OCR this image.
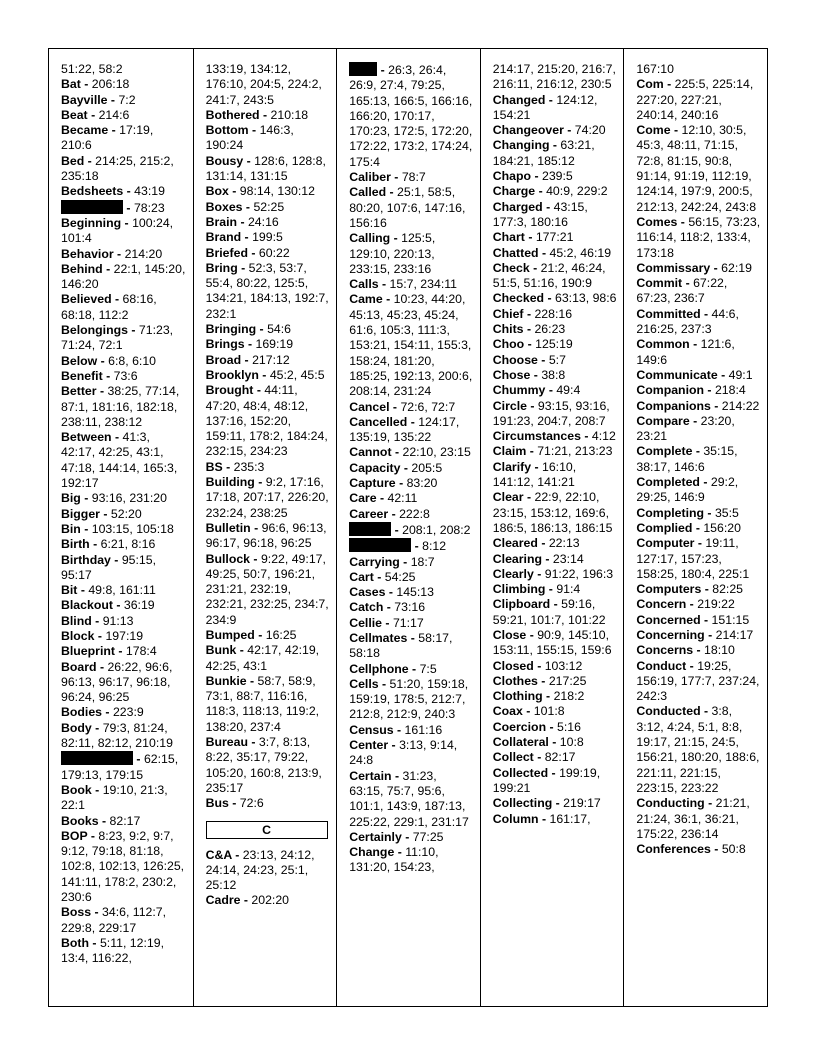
51:22, 58:2
Bat - 206:18
Bayville - 7:2
Beat - 214:6
Became - 17:19, 210:6
Bed - 214:25, 215:2, 235:18
Bedsheets - 43:19
- 78:23
Beginning - 100:24, 101:4
Behavior - 214:20
Behind - 22:1, 145:20, 146:20
Believed - 68:16, 68:18, 112:2
Belongings - 71:23, 71:24, 72:1
Below - 6:8, 6:10
Benefit - 73:6
Better - 38:25, 77:14, 87:1, 181:16, 182:18, 238:11, 238:12
Between - 41:3, 42:17, 42:25, 43:1, 47:18, 144:14, 165:3, 192:17
Big - 93:16, 231:20
Bigger - 52:20
Bin - 103:15, 105:18
Birth - 6:21, 8:16
Birthday - 95:15, 95:17
Bit - 49:8, 161:11
Blackout - 36:19
Blind - 91:13
Block - 197:19
Blueprint - 178:4
Board - 26:22, 96:6, 96:13, 96:17, 96:18, 96:24, 96:25
Bodies - 223:9
Body - 79:3, 81:24, 82:11, 82:12, 210:19
- 62:15, 179:13, 179:15
Book - 19:10, 21:3, 22:1
Books - 82:17
BOP - 8:23, 9:2, 9:7, 9:12, 79:18, 81:18, 102:8, 102:13, 126:25, 141:11, 178:2, 230:2, 230:6
Boss - 34:6, 112:7, 229:8, 229:17
Both - 5:11, 12:19, 13:4, 116:22,
133:19, 134:12, 176:10, 204:5, 224:2, 241:7, 243:5
Bothered - 210:18
Bottom - 146:3, 190:24
Bousy - 128:6, 128:8, 131:14, 131:15
Box - 98:14, 130:12
Boxes - 52:25
Brain - 24:16
Brand - 199:5
Briefed - 60:22
Bring - 52:3, 53:7, 55:4, 80:22, 125:5, 134:21, 184:13, 192:7, 232:1
Bringing - 54:6
Brings - 169:19
Broad - 217:12
Brooklyn - 45:2, 45:5
Brought - 44:11, 47:20, 48:4, 48:12, 137:16, 152:20, 159:11, 178:2, 184:24, 232:15, 234:23
BS - 235:3
Building - 9:2, 17:16, 17:18, 207:17, 226:20, 232:24, 238:25
Bulletin - 96:6, 96:13, 96:17, 96:18, 96:25
Bullock - 9:22, 49:17, 49:25, 50:7, 196:21, 231:21, 232:19, 232:21, 232:25, 234:7, 234:9
Bumped - 16:25
Bunk - 42:17, 42:19, 42:25, 43:1
Bunkie - 58:7, 58:9, 73:1, 88:7, 116:16, 118:3, 118:13, 119:2, 138:20, 237:4
Bureau - 3:7, 8:13, 8:22, 35:17, 79:22, 105:20, 160:8, 213:9, 235:17
Bus - 72:6
C
C&A - 23:13, 24:12, 24:14, 24:23, 25:1, 25:12
Cadre - 202:20
- 26:3, 26:4, 26:9, 27:4, 79:25, 165:13, 166:5, 166:16, 166:20, 170:17, 170:23, 172:5, 172:20, 172:22, 173:2, 174:24, 175:4
Caliber - 78:7
Called - 25:1, 58:5, 80:20, 107:6, 147:16, 156:16
Calling - 125:5, 129:10, 220:13, 233:15, 233:16
Calls - 15:7, 234:11
Came - 10:23, 44:20, 45:13, 45:23, 45:24, 61:6, 105:3, 111:3, 153:21, 154:11, 155:3, 158:24, 181:20, 185:25, 192:13, 200:6, 208:14, 231:24
Cancel - 72:6, 72:7
Cancelled - 124:17, 135:19, 135:22
Cannot - 22:10, 23:15
Capacity - 205:5
Capture - 83:20
Care - 42:11
Career - 222:8
- 208:1, 208:2
- 8:12
Carrying - 18:7
Cart - 54:25
Cases - 145:13
Catch - 73:16
Cellie - 71:17
Cellmates - 58:17, 58:18
Cellphone - 7:5
Cells - 51:20, 159:18, 159:19, 178:5, 212:7, 212:8, 212:9, 240:3
Census - 161:16
Center - 3:13, 9:14, 24:8
Certain - 31:23, 63:15, 75:7, 95:6, 101:1, 143:9, 187:13, 225:22, 229:1, 231:17
Certainly - 77:25
Change - 11:10, 131:20, 154:23,
214:17, 215:20, 216:7, 216:11, 216:12, 230:5
Changed - 124:12, 154:21
Changeover - 74:20
Changing - 63:21, 184:21, 185:12
Chapo - 239:5
Charge - 40:9, 229:2
Charged - 43:15, 177:3, 180:16
Chart - 177:21
Chatted - 45:2, 46:19
Check - 21:2, 46:24, 51:5, 51:16, 190:9
Checked - 63:13, 98:6
Chief - 228:16
Chits - 26:23
Choo - 125:19
Choose - 5:7
Chose - 38:8
Chummy - 49:4
Circle - 93:15, 93:16, 191:23, 204:7, 208:7
Circumstances - 4:12
Claim - 71:21, 213:23
Clarify - 16:10, 141:12, 141:21
Clear - 22:9, 22:10, 23:15, 153:12, 169:6, 186:5, 186:13, 186:15
Cleared - 22:13
Clearing - 23:14
Clearly - 91:22, 196:3
Climbing - 91:4
Clipboard - 59:16, 59:21, 101:7, 101:22
Close - 90:9, 145:10, 153:11, 155:15, 159:6
Closed - 103:12
Clothes - 217:25
Clothing - 218:2
Coax - 101:8
Coercion - 5:16
Collateral - 10:8
Collect - 82:17
Collected - 199:19, 199:21
Collecting - 219:17
Column - 161:17,
167:10
Com - 225:5, 225:14, 227:20, 227:21, 240:14, 240:16
Come - 12:10, 30:5, 45:3, 48:11, 71:15, 72:8, 81:15, 90:8, 91:14, 91:19, 112:19, 124:14, 197:9, 200:5, 212:13, 242:24, 243:8
Comes - 56:15, 73:23, 116:14, 118:2, 133:4, 173:18
Commissary - 62:19
Commit - 67:22, 67:23, 236:7
Committed - 44:6, 216:25, 237:3
Common - 121:6, 149:6
Communicate - 49:1
Companion - 218:4
Companions - 214:22
Compare - 23:20, 23:21
Complete - 35:15, 38:17, 146:6
Completed - 29:2, 29:25, 146:9
Completing - 35:5
Complied - 156:20
Computer - 19:11, 127:17, 157:23, 158:25, 180:4, 225:1
Computers - 82:25
Concern - 219:22
Concerned - 151:15
Concerning - 214:17
Concerns - 18:10
Conduct - 19:25, 156:19, 177:7, 237:24, 242:3
Conducted - 3:8, 3:12, 4:24, 5:1, 8:8, 19:17, 21:15, 24:5, 156:21, 180:20, 188:6, 221:11, 221:15, 223:15, 223:22
Conducting - 21:21, 21:24, 36:1, 36:21, 175:22, 236:14
Conferences - 50:8
